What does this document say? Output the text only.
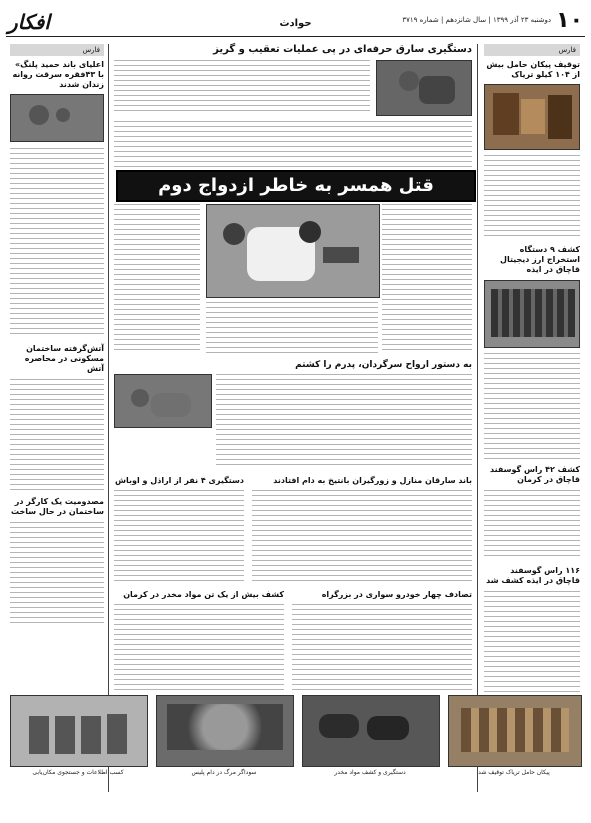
۱۰
دوشنبه ۲۳ آذر ۱۳۹۹ | سال شانزدهم | شماره ۳۷۱۹
حوادث
افکار
فارس
اعلیای باند حمید پلنگ» با ۴۳فقره سرقت روانه زندان شدند
آتش‌گرفته ساختمان مسکونی در محاصره آتش
مصدومیت یک کارگر در ساختمان در حال ساخت
فارس
توقیف پیکان حامل بیش از ۱۰۴ کیلو تریاک
کشف ۹ دستگاه استخراج ارز دیجیتال قاچاق در ایذه
کشف ۴۲ راس گوسفند قاچاق در کرمان
۱۱۶ راس گوسفند قاچاق در ایذه کشف شد
دستگیری سارق حرفه‌ای در پی عملیات تعقیب و گریز
قتل همسر به خاطر ازدواج دوم
به دستور ارواح سرگردان، پدرم را کشتم
باند سارقان منازل و زورگیران بانتیخ به دام افتادند
دستگیری ۴ نفر از اراذل و اوباش
تصادف چهار خودرو سواری در بزرگراه
کشف بیش از یک تن مواد مخدر در کرمان
کسب اطلاعات و جستجوی مکان‌یابی	سوداگر مرگ در دام پلیس	دستگیری و کشف مواد مخدر	پیکان حامل تریاک توقیف شد
